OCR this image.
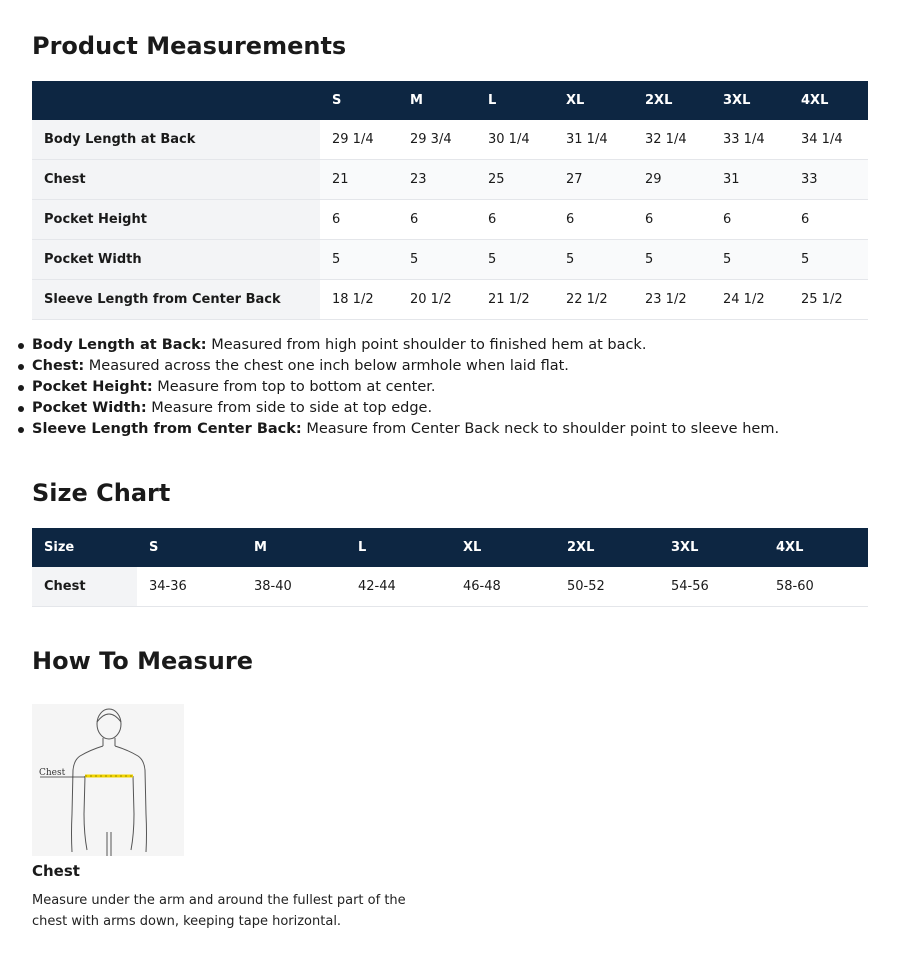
Product Measurements
	S	M	L	XL	2XL	3XL	4XL
Body Length at Back	29 1/4	29 3/4	30 1/4	31 1/4	32 1/4	33 1/4	34 1/4
Chest	21	23	25	27	29	31	33
Pocket Height	6	6	6	6	6	6	6
Pocket Width	5	5	5	5	5	5	5
Sleeve Length from Center Back	18 1/2	20 1/2	21 1/2	22 1/2	23 1/2	24 1/2	25 1/2
Body Length at Back: Measured from high point shoulder to finished hem at back.
Chest: Measured across the chest one inch below armhole when laid flat.
Pocket Height: Measure from top to bottom at center.
Pocket Width: Measure from side to side at top edge.
Sleeve Length from Center Back: Measure from Center Back neck to shoulder point to sleeve hem.
Size Chart
Size	S	M	L	XL	2XL	3XL	4XL
Chest	34-36	38-40	42-44	46-48	50-52	54-56	58-60
How To Measure
Chest
Chest
Measure under the arm and around the fullest part of the chest with arms down, keeping tape horizontal.
